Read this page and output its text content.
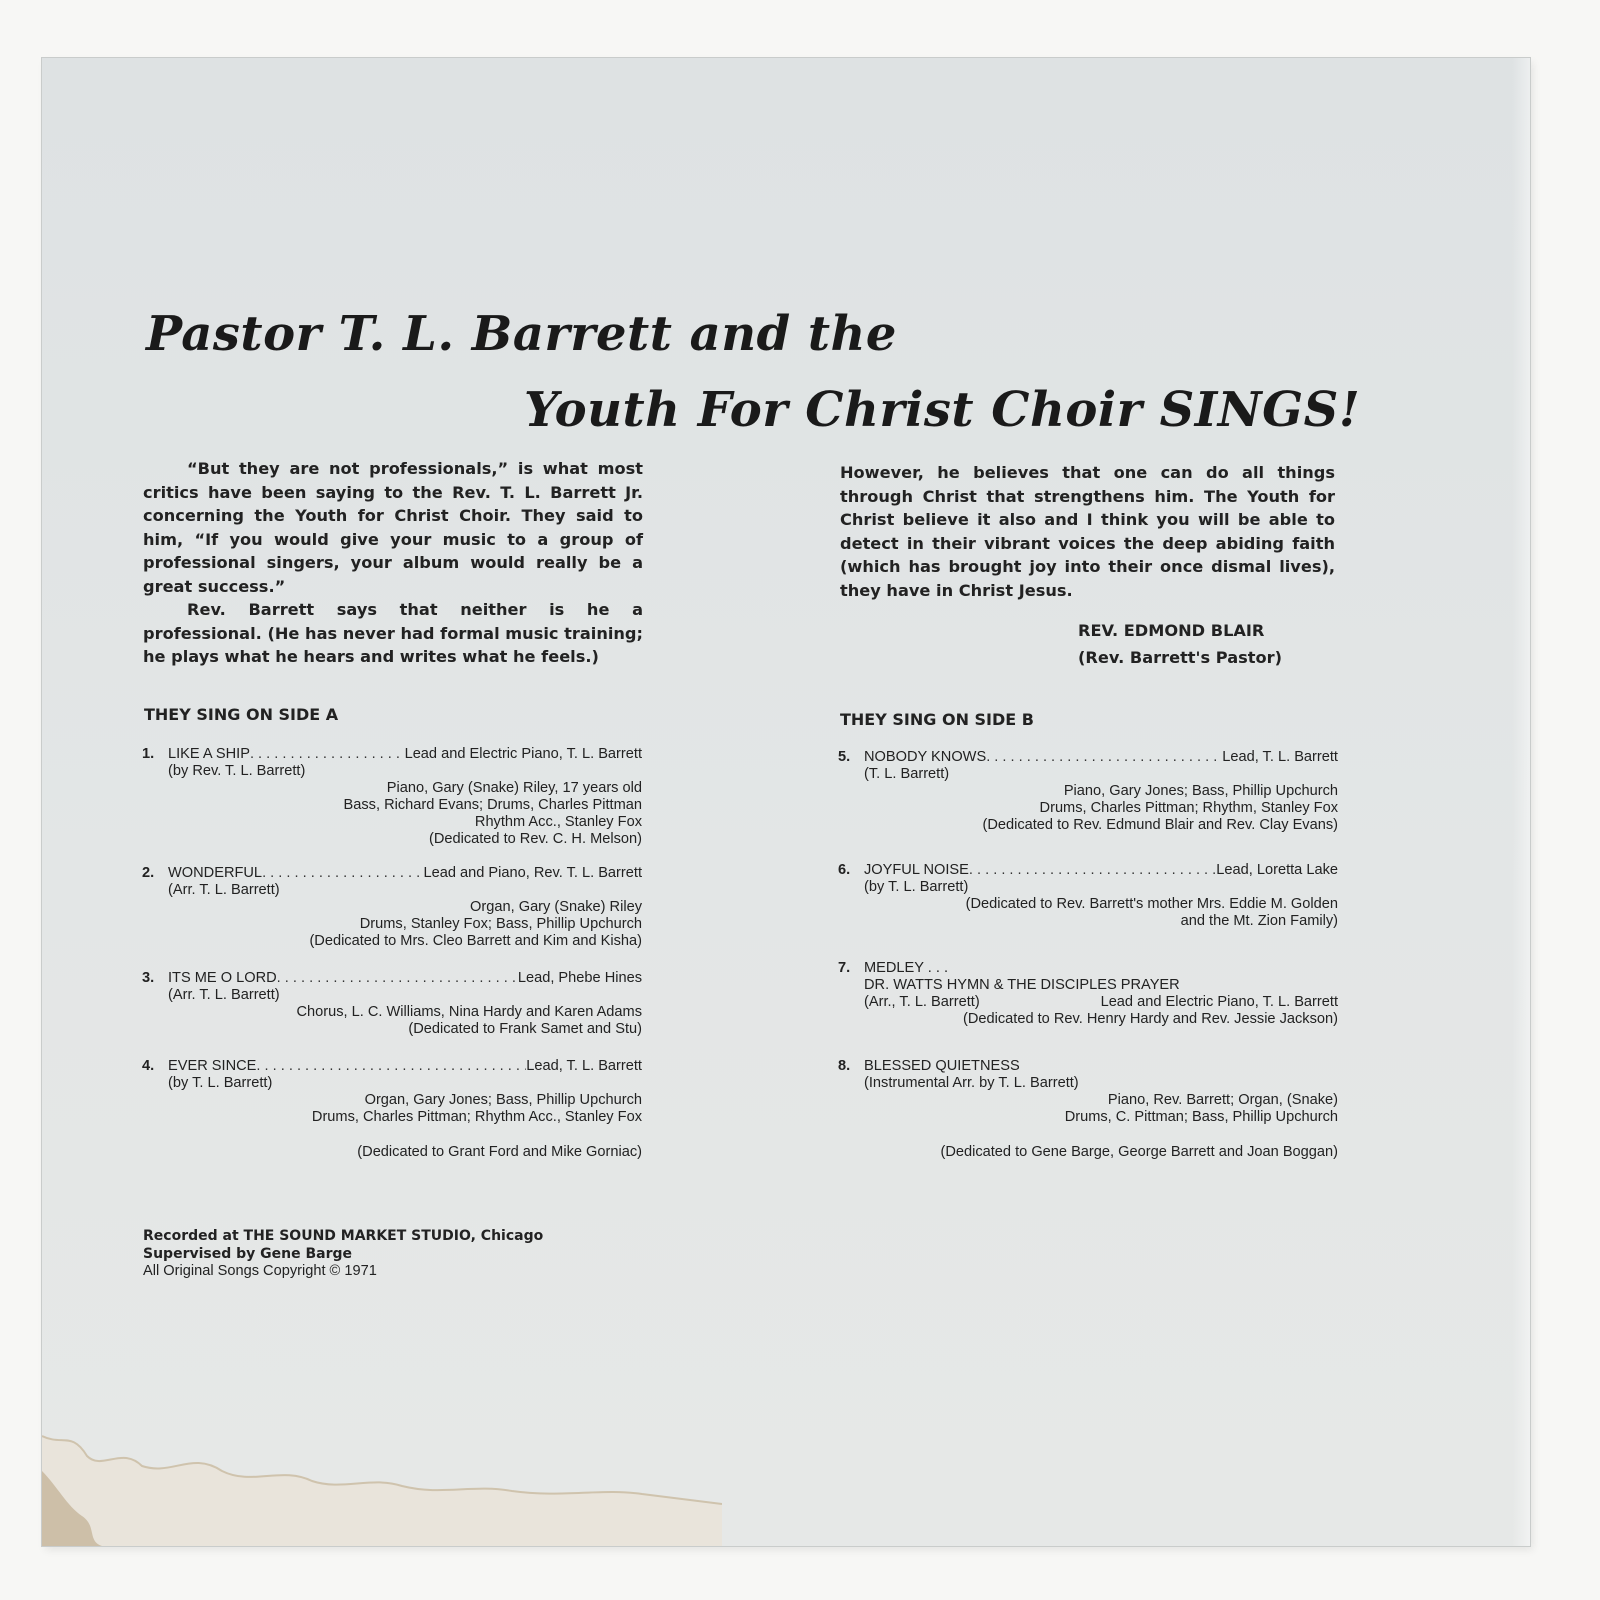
Pastor T. L. Barrett and the
Youth For Christ Choir SINGS!

“But they are not professionals,” is what most critics have been saying to the Rev. T. L. Barrett Jr. concerning the Youth for Christ Choir. They said to him, “If you would give your music to a group of professional singers, your album would really be a great success.”

Rev. Barrett says that neither is he a professional. (He has never had formal music training; he plays what he hears and writes what he feels.)

However, he believes that one can do all things through Christ that strengthens him. The Youth for Christ believe it also and I think you will be able to detect in their vibrant voices the deep abiding faith (which has brought joy into their once dismal lives), they have in Christ Jesus.

REV. EDMOND BLAIR
(Rev. Barrett's Pastor)
THEY SING ON SIDE A	THEY SING ON SIDE B
1. LIKE A SHIP . . .	Lead and Electric Piano, T. L. Barrett
(by Rev. T. L. Barrett)
Piano, Gary (Snake) Riley, 17 years old
Bass, Richard Evans; Drums, Charles Pittman
Rhythm Acc., Stanley Fox
(Dedicated to Rev. C. H. Melson)
2. WONDERFUL . . .	Lead and Piano, Rev. T. L. Barrett
(Arr. T. L. Barrett)
Organ, Gary (Snake) Riley
Drums, Stanley Fox; Bass, Phillip Upchurch
(Dedicated to Mrs. Cleo Barrett and Kim and Kisha)
3. ITS ME O LORD . . .	Lead, Phebe Hines
(Arr. T. L. Barrett)
Chorus, L. C. Williams, Nina Hardy and Karen Adams
(Dedicated to Frank Samet and Stu)
4. EVER SINCE . . .	Lead, T. L. Barrett
(by T. L. Barrett)
Organ, Gary Jones; Bass, Phillip Upchurch
Drums, Charles Pittman; Rhythm Acc., Stanley Fox
(Dedicated to Grant Ford and Mike Gorniac)
5. NOBODY KNOWS . . .	Lead, T. L. Barrett
(T. L. Barrett)
Piano, Gary Jones; Bass, Phillip Upchurch
Drums, Charles Pittman; Rhythm, Stanley Fox
(Dedicated to Rev. Edmund Blair and Rev. Clay Evans)
6. JOYFUL NOISE . . .	Lead, Loretta Lake
(by T. L. Barrett)
(Dedicated to Rev. Barrett's mother Mrs. Eddie M. Golden
and the Mt. Zion Family)
7. MEDLEY . . .
DR. WATTS HYMN & THE DISCIPLES PRAYER
(Arr., T. L. Barrett)	Lead and Electric Piano, T. L. Barrett
(Dedicated to Rev. Henry Hardy and Rev. Jessie Jackson)
8. BLESSED QUIETNESS
(Instrumental Arr. by T. L. Barrett)
Piano, Rev. Barrett; Organ, (Snake)
Drums, C. Pittman; Bass, Phillip Upchurch
(Dedicated to Gene Barge, George Barrett and Joan Boggan)
Recorded at THE SOUND MARKET STUDIO, Chicago
Supervised by Gene Barge
All Original Songs Copyright © 1971
